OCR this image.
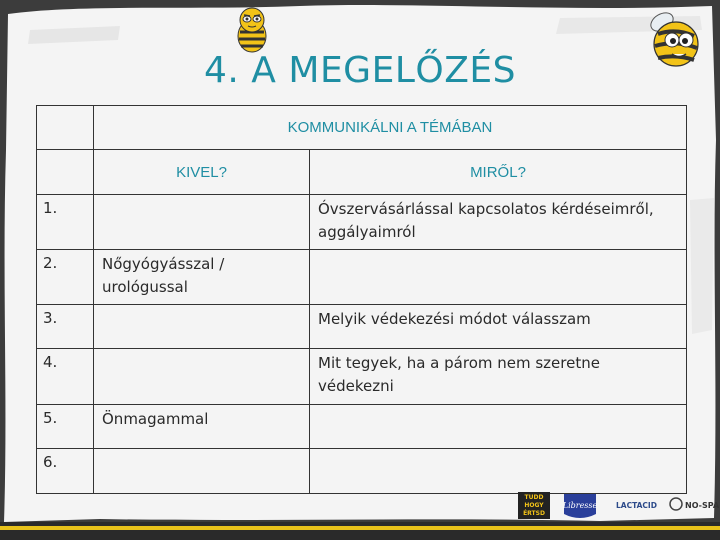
4. A MEGELŐZÉS
	KOMMUNIKÁLNI A TÉMÁBAN	
	KIVEL?	MIRŐL?
1.		Óvszervásárlással kapcsolatos kérdéseimről, aggályaimról
2.	Nőgyógyásszal / urológussal	
3.		Melyik védekezési módot válasszam
4.		Mit tegyek, ha a párom nem szeretne védekezni
5.	Önmagammal	
6.		
TUDD
HOGY
ÉRTSD
Libresse	LACTACID	NO-SPA
